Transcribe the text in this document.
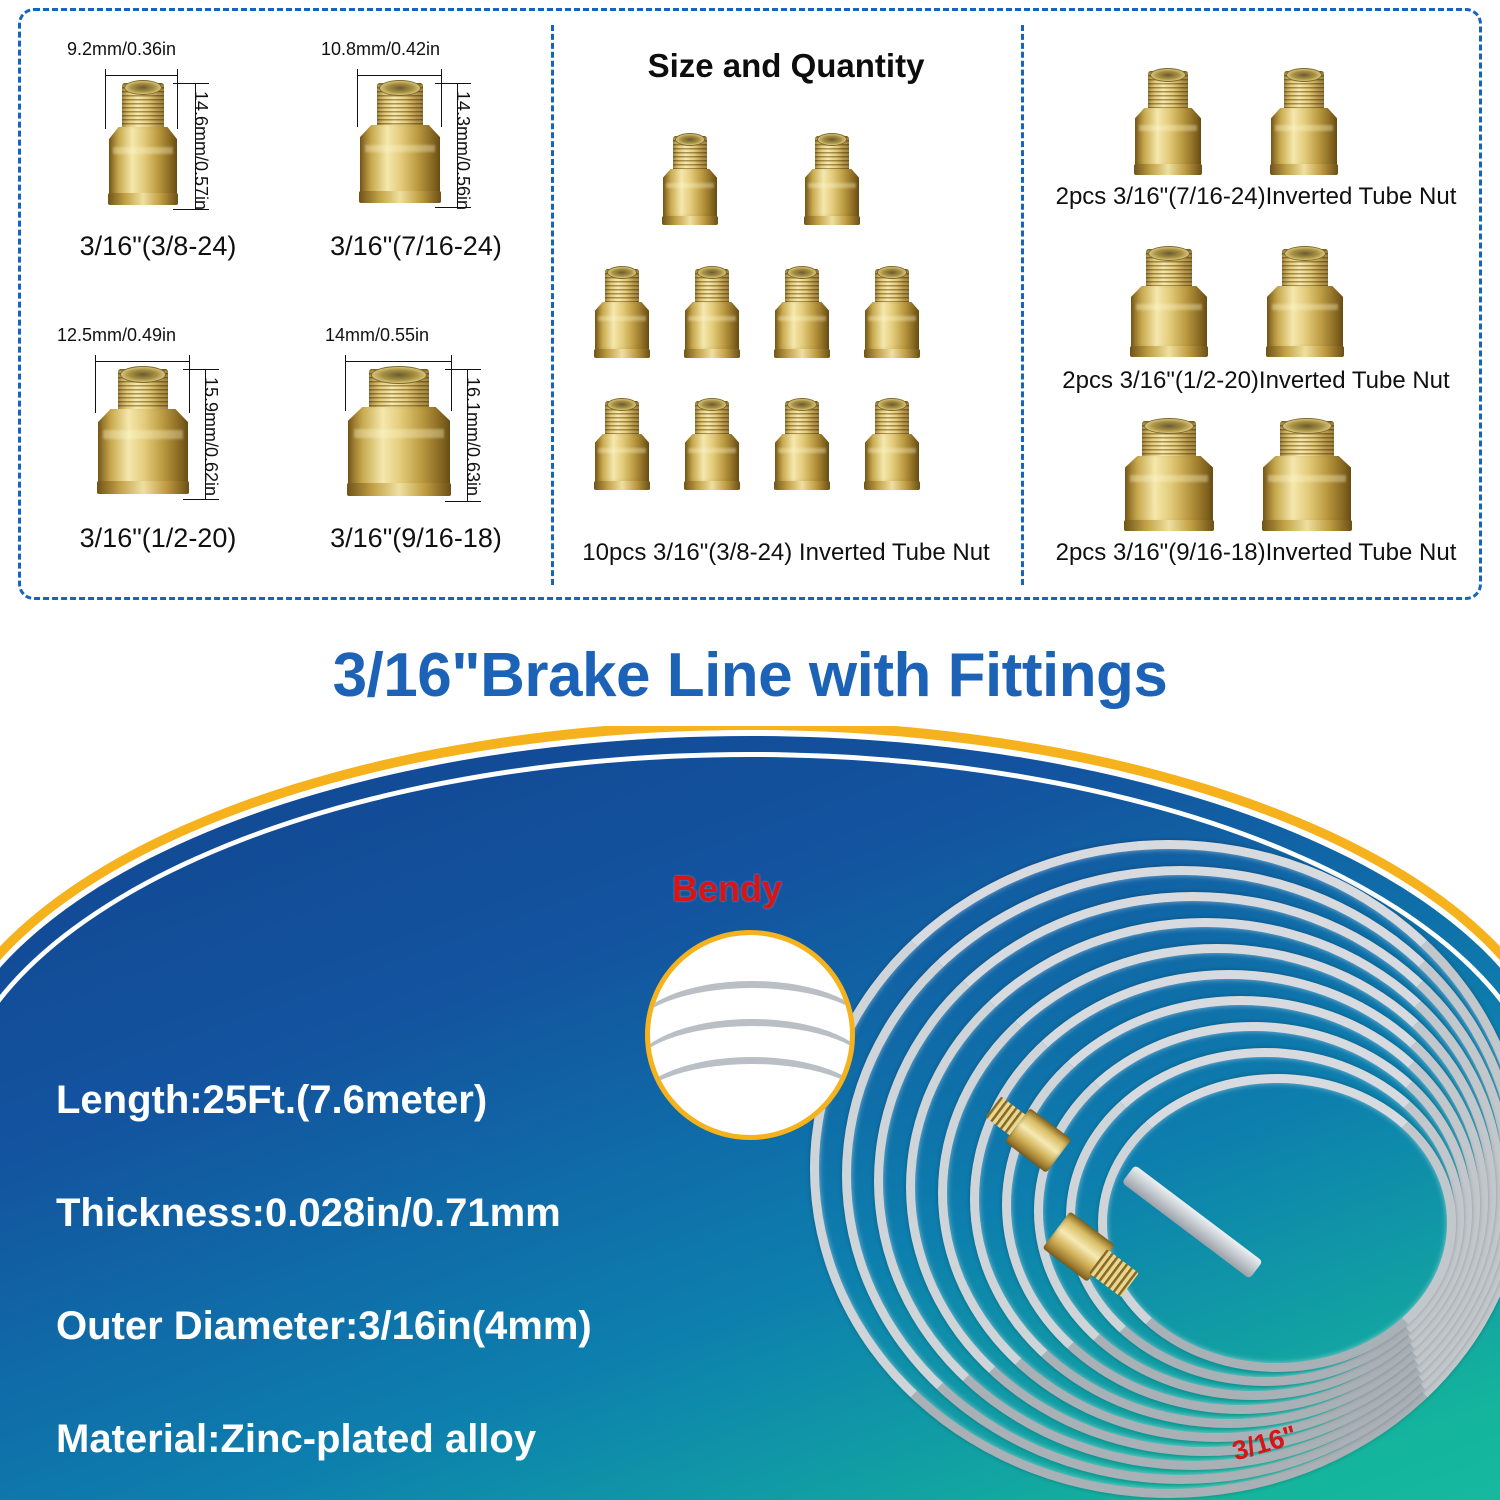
9.2mm/0.36in
14.6mm/0.57in
3/16"(3/8-24)
10.8mm/0.42in
14.3mm/0.56in
3/16"(7/16-24)
12.5mm/0.49in
15.9mm/0.62in
3/16"(1/2-20)
14mm/0.55in
16.1mm/0.63in
3/16"(9/16-18)
Size and Quantity
10pcs 3/16"(3/8-24) Inverted Tube Nut
2pcs 3/16"(7/16-24)Inverted Tube Nut
2pcs 3/16"(1/2-20)Inverted Tube Nut
2pcs 3/16"(9/16-18)Inverted Tube Nut
3/16"Brake Line with Fittings
Length:25Ft.(7.6meter)
Thickness:0.028in/0.71mm
Outer Diameter:3/16in(4mm)
Material:Zinc-plated alloy
Bendy
3/16"
